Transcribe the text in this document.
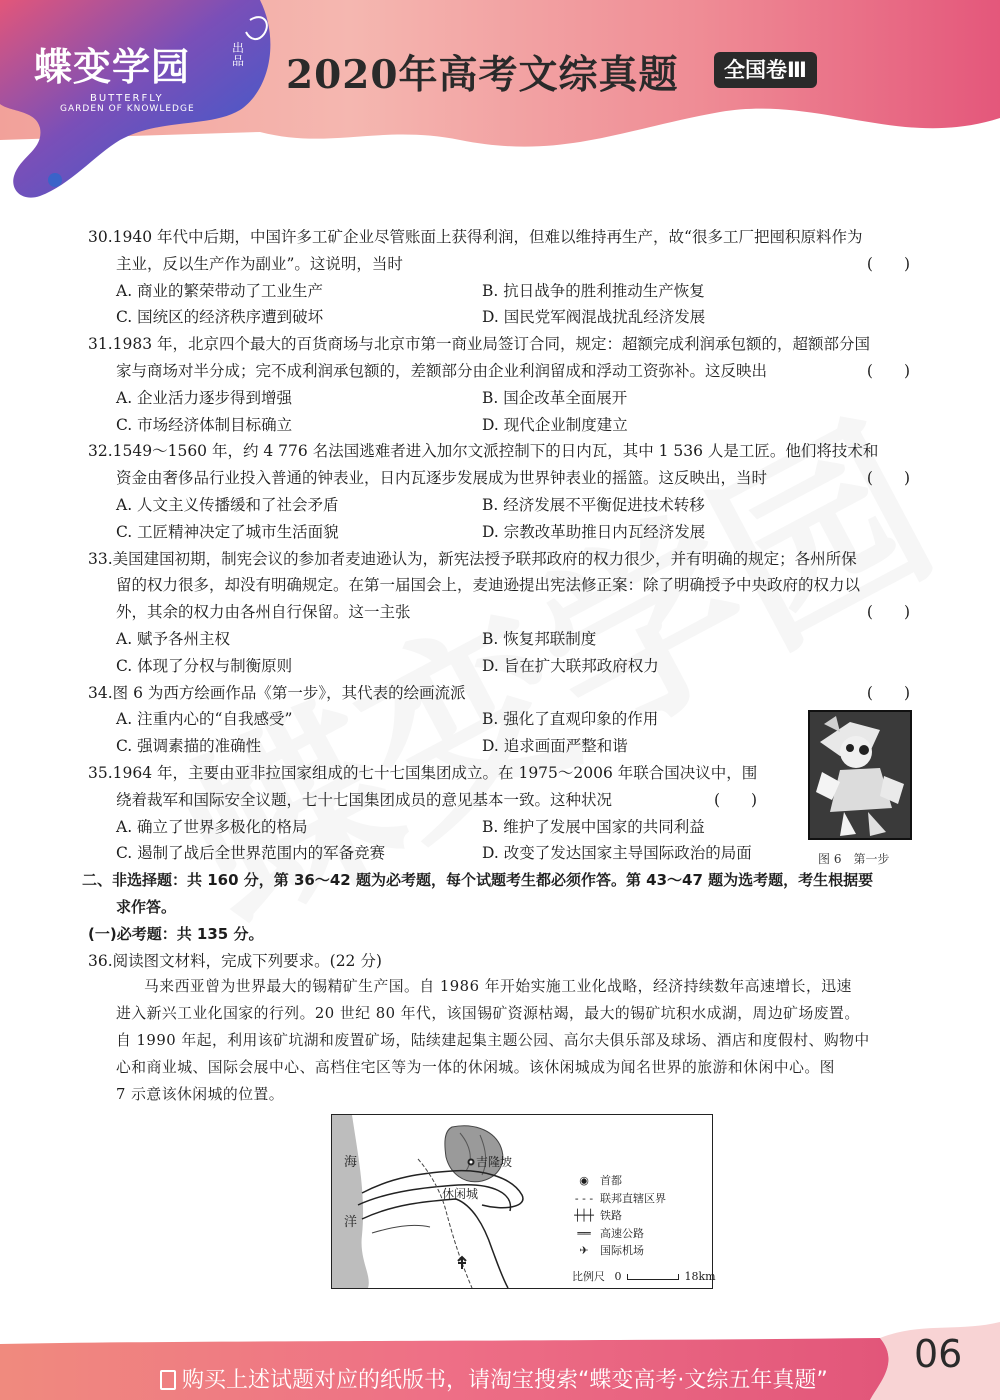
蝶变学园	出品
BUTTERFLY
GARDEN OF KNOWLEDGE
2020年高考文综真题	全国卷Ⅲ
30.1940 年代中后期，中国许多工矿企业尽管账面上获得利润，但难以维持再生产，故“很多工厂把囤积原料作为
主业，反以生产作为副业”。这说明，当时	(　　)
A. 商业的繁荣带动了工业生产	B. 抗日战争的胜利推动生产恢复
C. 国统区的经济秩序遭到破坏	D. 国民党军阀混战扰乱经济发展
31.1983 年，北京四个最大的百货商场与北京市第一商业局签订合同，规定：超额完成利润承包额的，超额部分国
家与商场对半分成；完不成利润承包额的，差额部分由企业利润留成和浮动工资弥补。这反映出	(　　)
A. 企业活力逐步得到增强	B. 国企改革全面展开
C. 市场经济体制目标确立	D. 现代企业制度建立
32.1549～1560 年，约 4 776 名法国逃难者进入加尔文派控制下的日内瓦，其中 1 536 人是工匠。他们将技术和
资金由奢侈品行业投入普通的钟表业，日内瓦逐步发展成为世界钟表业的摇篮。这反映出，当时	(　　)
A. 人文主义传播缓和了社会矛盾	B. 经济发展不平衡促进技术转移
C. 工匠精神决定了城市生活面貌	D. 宗教改革助推日内瓦经济发展
33.美国建国初期，制宪会议的参加者麦迪逊认为，新宪法授予联邦政府的权力很少，并有明确的规定；各州所保
留的权力很多，却没有明确规定。在第一届国会上，麦迪逊提出宪法修正案：除了明确授予中央政府的权力以
外，其余的权力由各州自行保留。这一主张	(　　)
A. 赋予各州主权	B. 恢复邦联制度
C. 体现了分权与制衡原则	D. 旨在扩大联邦政府权力
34.图 6 为西方绘画作品《第一步》，其代表的绘画流派	(　　)
A. 注重内心的“自我感受”	B. 强化了直观印象的作用
C. 强调素描的准确性	D. 追求画面严整和谐
35.1964 年，主要由亚非拉国家组成的七十七国集团成立。在 1975～2006 年联合国决议中，围
绕着裁军和国际安全议题，七十七国集团成员的意见基本一致。这种状况	(　　)
A. 确立了世界多极化的格局	B. 维护了发展中国家的共同利益
C. 遏制了战后全世界范围内的军备竞赛	D. 改变了发达国家主导国际政治的局面
二、非选择题：共 160 分，第 36～42 题为必考题，每个试题考生都必须作答。第 43～47 题为选考题，考生根据要
求作答。
(一)必考题：共 135 分。
36.阅读图文材料，完成下列要求。(22 分)
马来西亚曾为世界最大的锡精矿生产国。自 1986 年开始实施工业化战略，经济持续数年高速增长，迅速
进入新兴工业化国家的行列。20 世纪 80 年代，该国锡矿资源枯竭，最大的锡矿坑积水成湖，周边矿场废置。
自 1990 年起，利用该矿坑湖和废置矿场，陆续建起集主题公园、高尔夫俱乐部及球场、酒店和度假村、购物中
心和商业城、国际会展中心、高档住宅区等为一体的休闲城。该休闲城成为闻名世界的旅游和休闲中心。图
7 示意该休闲城的位置。
图 6　第一步
海
洋
吉隆坡
休闲城
◉ 首都
- - - 联邦直辖区界
┼┼┼ 铁路
══ 高速公路
✈ 国际机场
比例尺 0	18km
购买上述试题对应的纸版书，请淘宝搜索“蝶变高考·文综五年真题”
06
